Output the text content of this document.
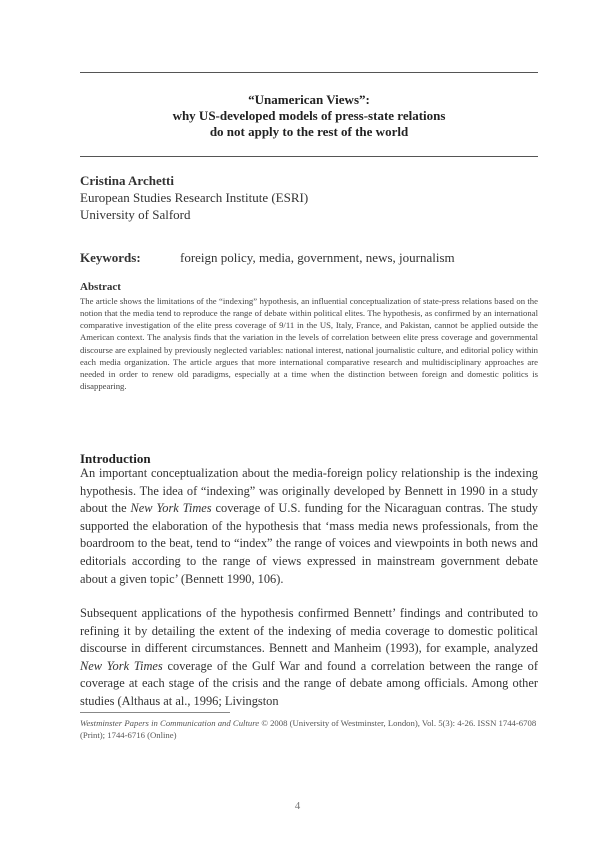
“Unamerican Views”:
why US-developed models of press-state relations
do not apply to the rest of the world
Cristina Archetti
European Studies Research Institute (ESRI)
University of Salford
Keywords:	foreign policy, media, government, news, journalism
Abstract
The article shows the limitations of the “indexing” hypothesis, an influential conceptualization of state-press relations based on the notion that the media tend to reproduce the range of debate within political elites. The hypothesis, as confirmed by an international comparative investigation of the elite press coverage of 9/11 in the US, Italy, France, and Pakistan, cannot be applied outside the American context. The analysis finds that the variation in the levels of correlation between elite press coverage and governmental discourse are explained by previously neglected variables: national interest, national journalistic culture, and editorial policy within each media organization. The article argues that more international comparative research and multidisciplinary approaches are needed in order to renew old paradigms, especially at a time when the distinction between foreign and domestic politics is disappearing.
Introduction
An important conceptualization about the media-foreign policy relationship is the indexing hypothesis. The idea of “indexing” was originally developed by Bennett in 1990 in a study about the New York Times coverage of U.S. funding for the Nicaraguan contras. The study supported the elaboration of the hypothesis that ‘mass media news professionals, from the boardroom to the beat, tend to “index” the range of voices and viewpoints in both news and editorials according to the range of views expressed in mainstream government debate about a given topic’ (Bennett 1990, 106).
Subsequent applications of the hypothesis confirmed Bennett’ findings and contributed to refining it by detailing the extent of the indexing of media coverage to domestic political discourse in different circumstances. Bennett and Manheim (1993), for example, analyzed New York Times coverage of the Gulf War and found a correlation between the range of coverage at each stage of the crisis and the range of debate among officials. Among other studies (Althaus at al., 1996; Livingston
Westminster Papers in Communication and Culture © 2008 (University of Westminster, London), Vol. 5(3): 4-26. ISSN 1744-6708 (Print); 1744-6716 (Online)
4
